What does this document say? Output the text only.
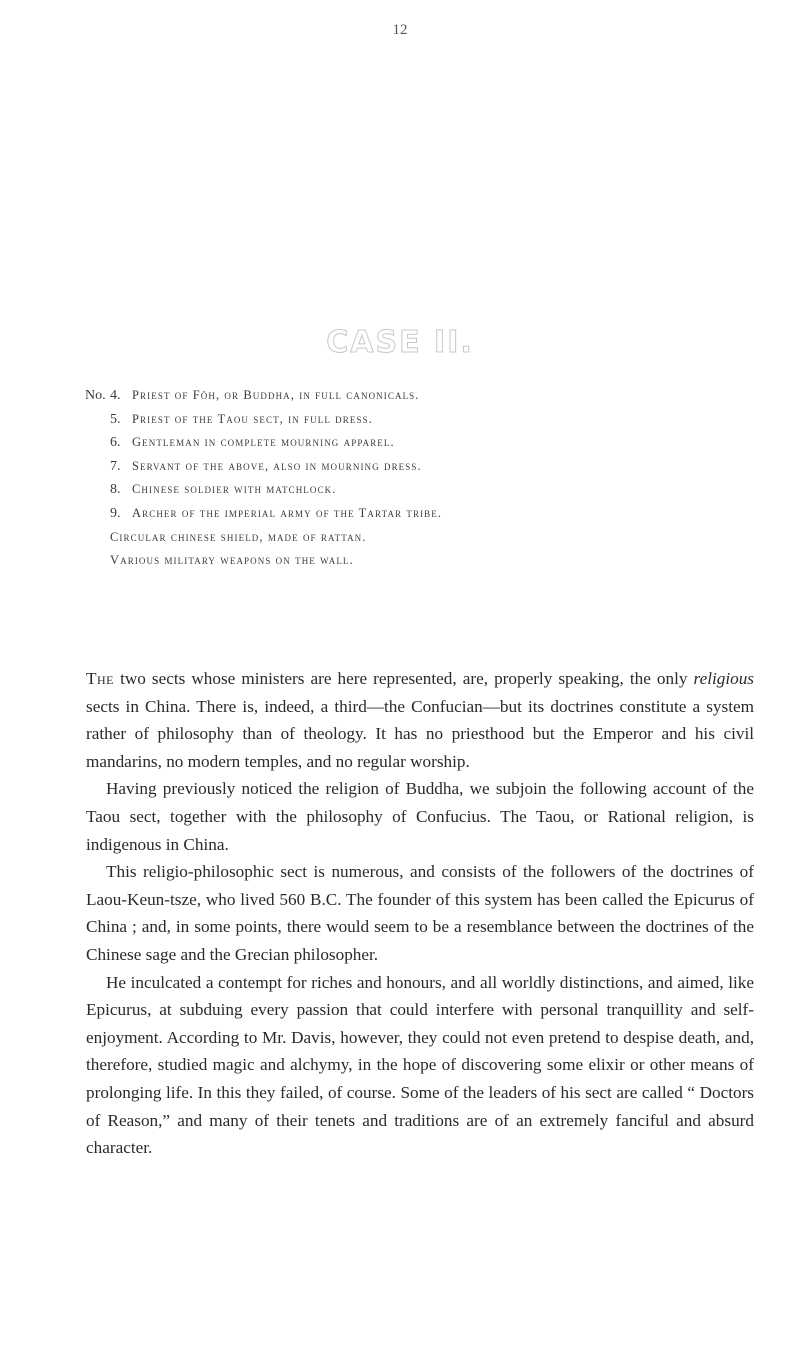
12
CASE II.
No. 4. Priest of Föh, or Buddha, in full canonicals.
5. Priest of the Taou sect, in full dress.
6. Gentleman in complete mourning apparel.
7. Servant of the above, also in mourning dress.
8. Chinese soldier with matchlock.
9. Archer of the imperial army of the Tartar tribe.
Circular chinese shield, made of rattan.
Various military weapons on the wall.

The two sects whose ministers are here represented, are, properly speaking, the only religious sects in China. There is, indeed, a third—the Confucian—but its doctrines constitute a system rather of philosophy than of theology. It has no priesthood but the Emperor and his civil mandarins, no modern temples, and no regular worship.

Having previously noticed the religion of Buddha, we subjoin the following account of the Taou sect, together with the philosophy of Confucius. The Taou, or Rational religion, is indigenous in China.

This religio-philosophic sect is numerous, and consists of the followers of the doctrines of Laou-Keun-tsze, who lived 560 B.C. The founder of this system has been called the Epicurus of China ; and, in some points, there would seem to be a resemblance between the doctrines of the Chinese sage and the Grecian philosopher.

He inculcated a contempt for riches and honours, and all worldly distinctions, and aimed, like Epicurus, at subduing every passion that could interfere with personal tranquillity and self-enjoyment. According to Mr. Davis, however, they could not even pretend to despise death, and, therefore, studied magic and alchymy, in the hope of discovering some elixir or other means of prolonging life. In this they failed, of course. Some of the leaders of his sect are called “ Doctors of Reason,” and many of their tenets and traditions are of an extremely fanciful and absurd character.
